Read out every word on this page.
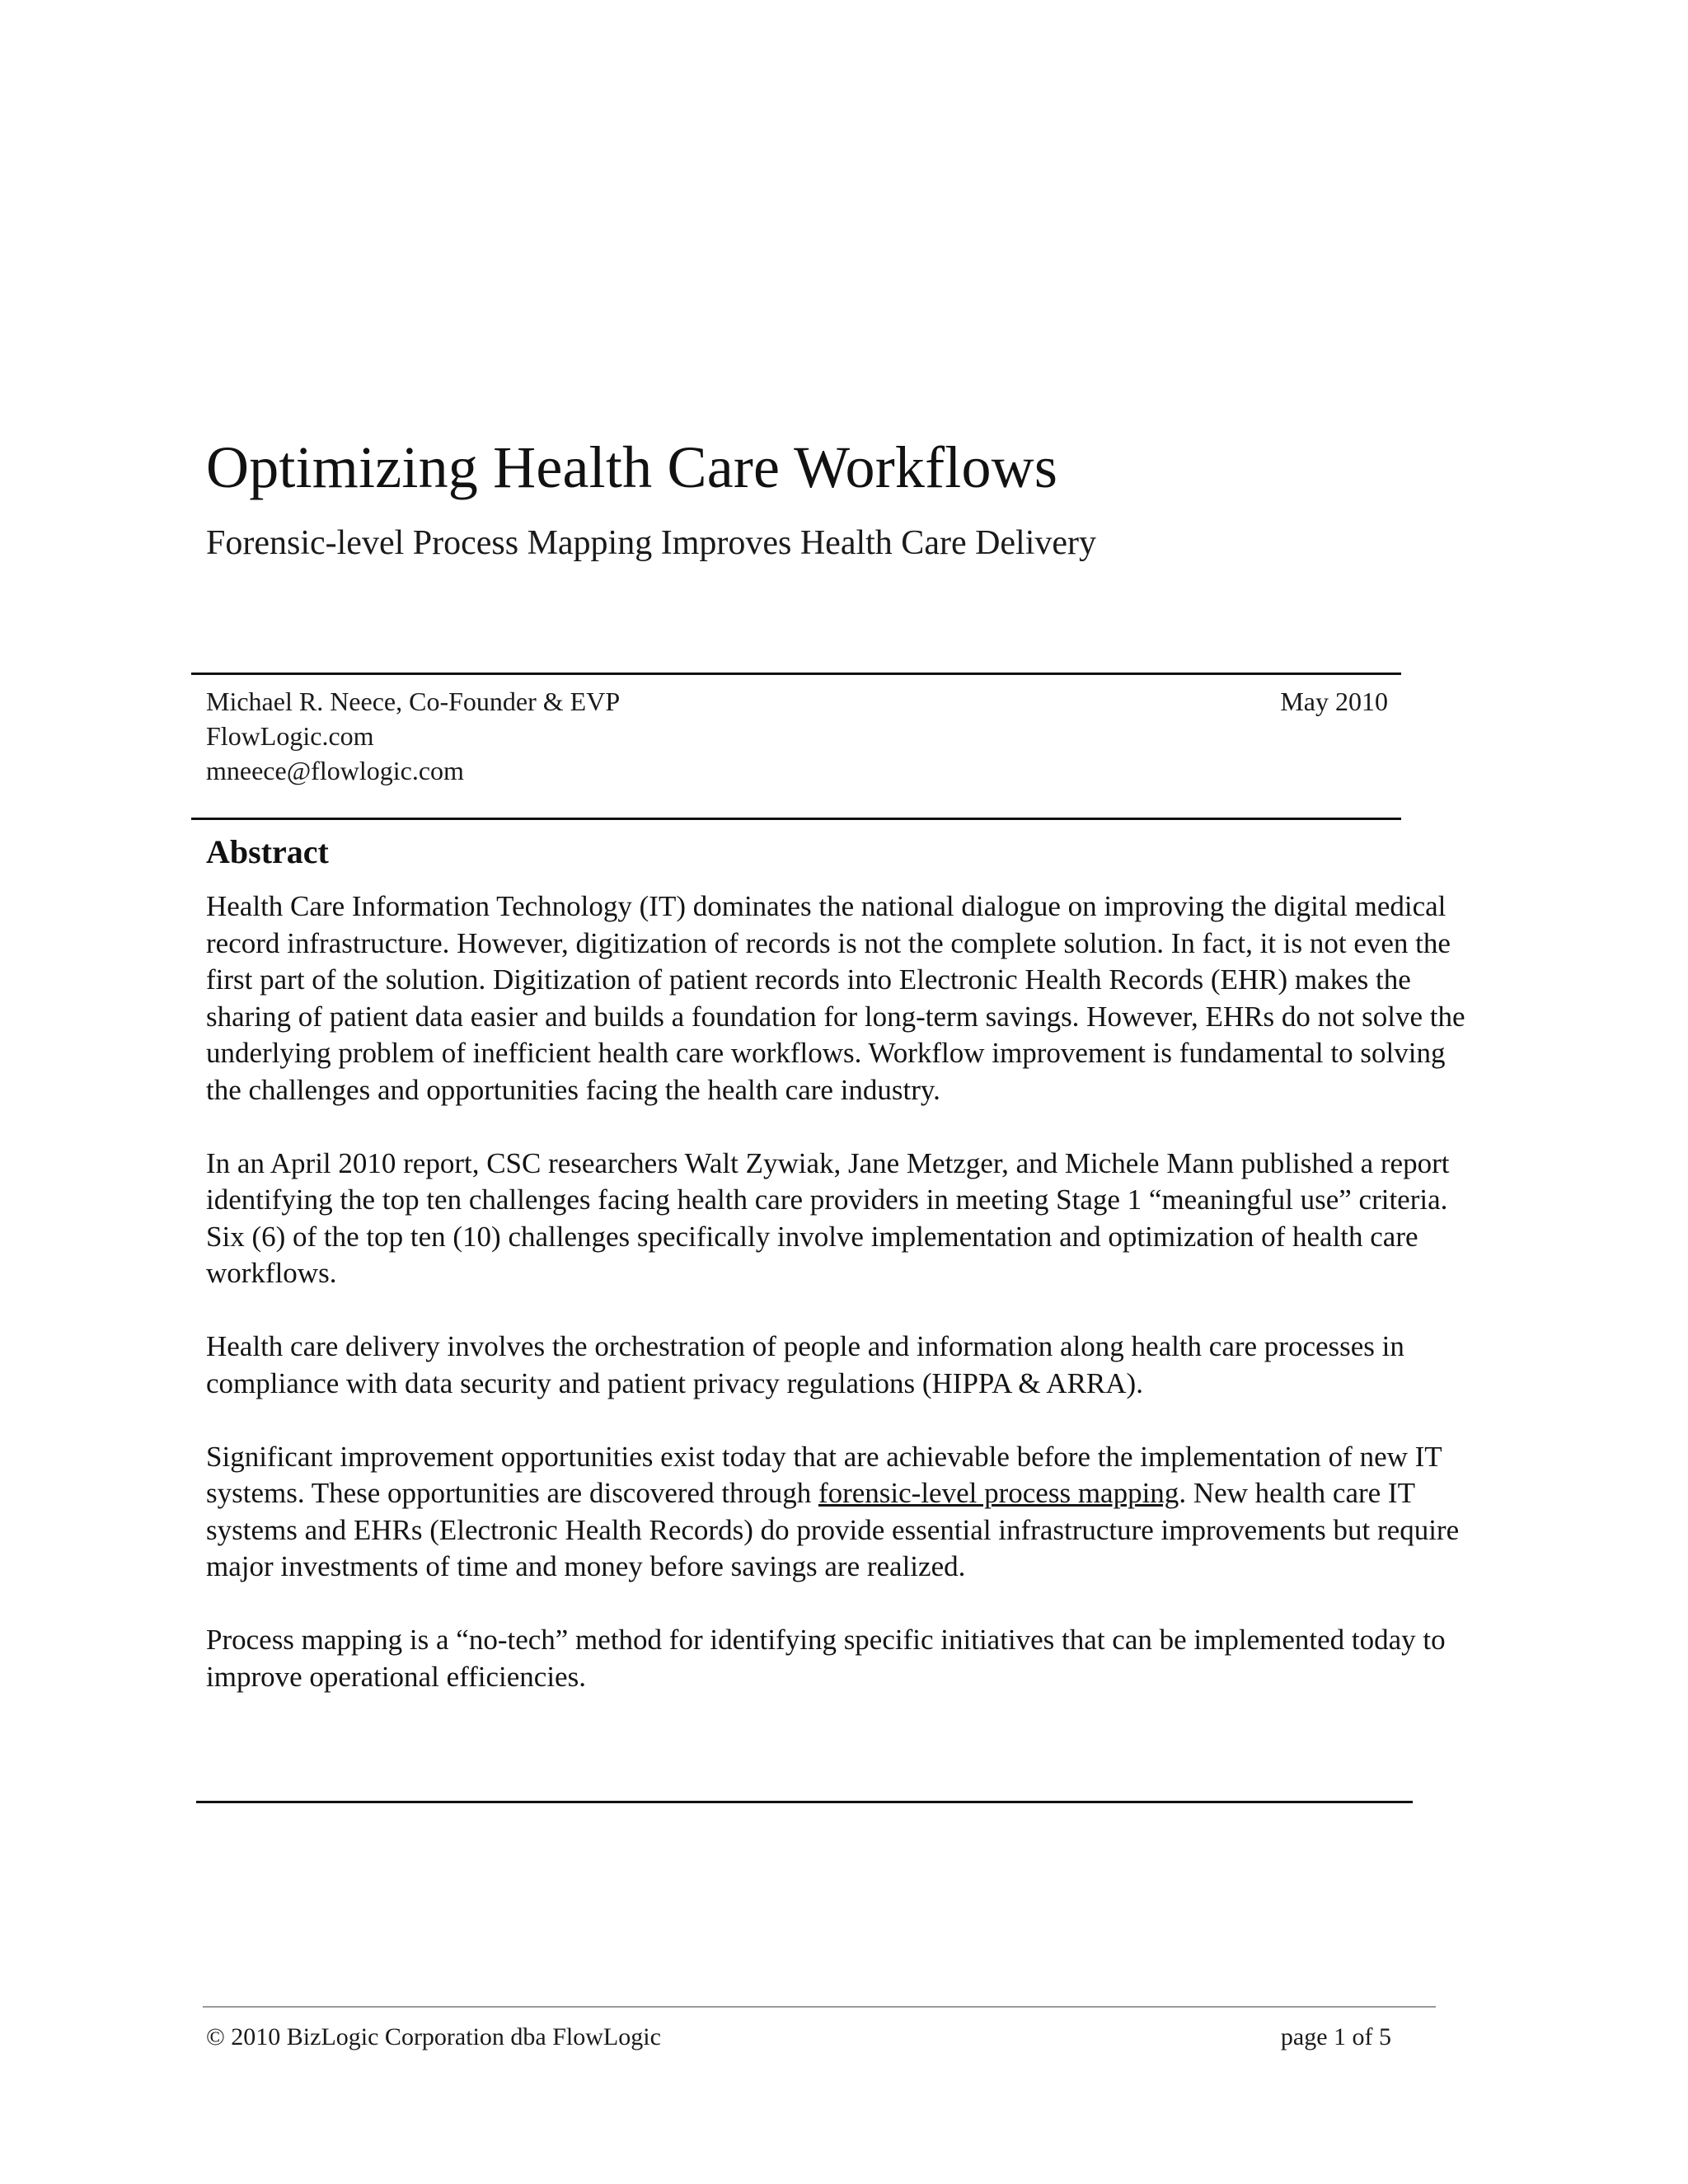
Optimizing Health Care Workflows
Forensic-level Process Mapping Improves Health Care Delivery
Michael R. Neece, Co-Founder & EVP
FlowLogic.com
mneece@flowlogic.com
May 2010
Abstract

Health Care Information Technology (IT) dominates the national dialogue on improving the digital medical record infrastructure. However, digitization of records is not the complete solution. In fact, it is not even the first part of the solution. Digitization of patient records into Electronic Health Records (EHR) makes the sharing of patient data easier and builds a foundation for long-term savings. However, EHRs do not solve the underlying problem of inefficient health care workflows. Workflow improvement is fundamental to solving the challenges and opportunities facing the health care industry.

In an April 2010 report, CSC researchers Walt Zywiak, Jane Metzger, and Michele Mann published a report identifying the top ten challenges facing health care providers in meeting Stage 1 “meaningful use” criteria. Six (6) of the top ten (10) challenges specifically involve implementation and optimization of health care workflows.

Health care delivery involves the orchestration of people and information along health care processes in compliance with data security and patient privacy regulations (HIPPA & ARRA).

Significant improvement opportunities exist today that are achievable before the implementation of new IT systems. These opportunities are discovered through forensic-level process mapping. New health care IT systems and EHRs (Electronic Health Records) do provide essential infrastructure improvements but require major investments of time and money before savings are realized.

Process mapping is a “no-tech” method for identifying specific initiatives that can be implemented today to improve operational efficiencies.

© 2010 BizLogic Corporation dba FlowLogic	page 1 of 5
